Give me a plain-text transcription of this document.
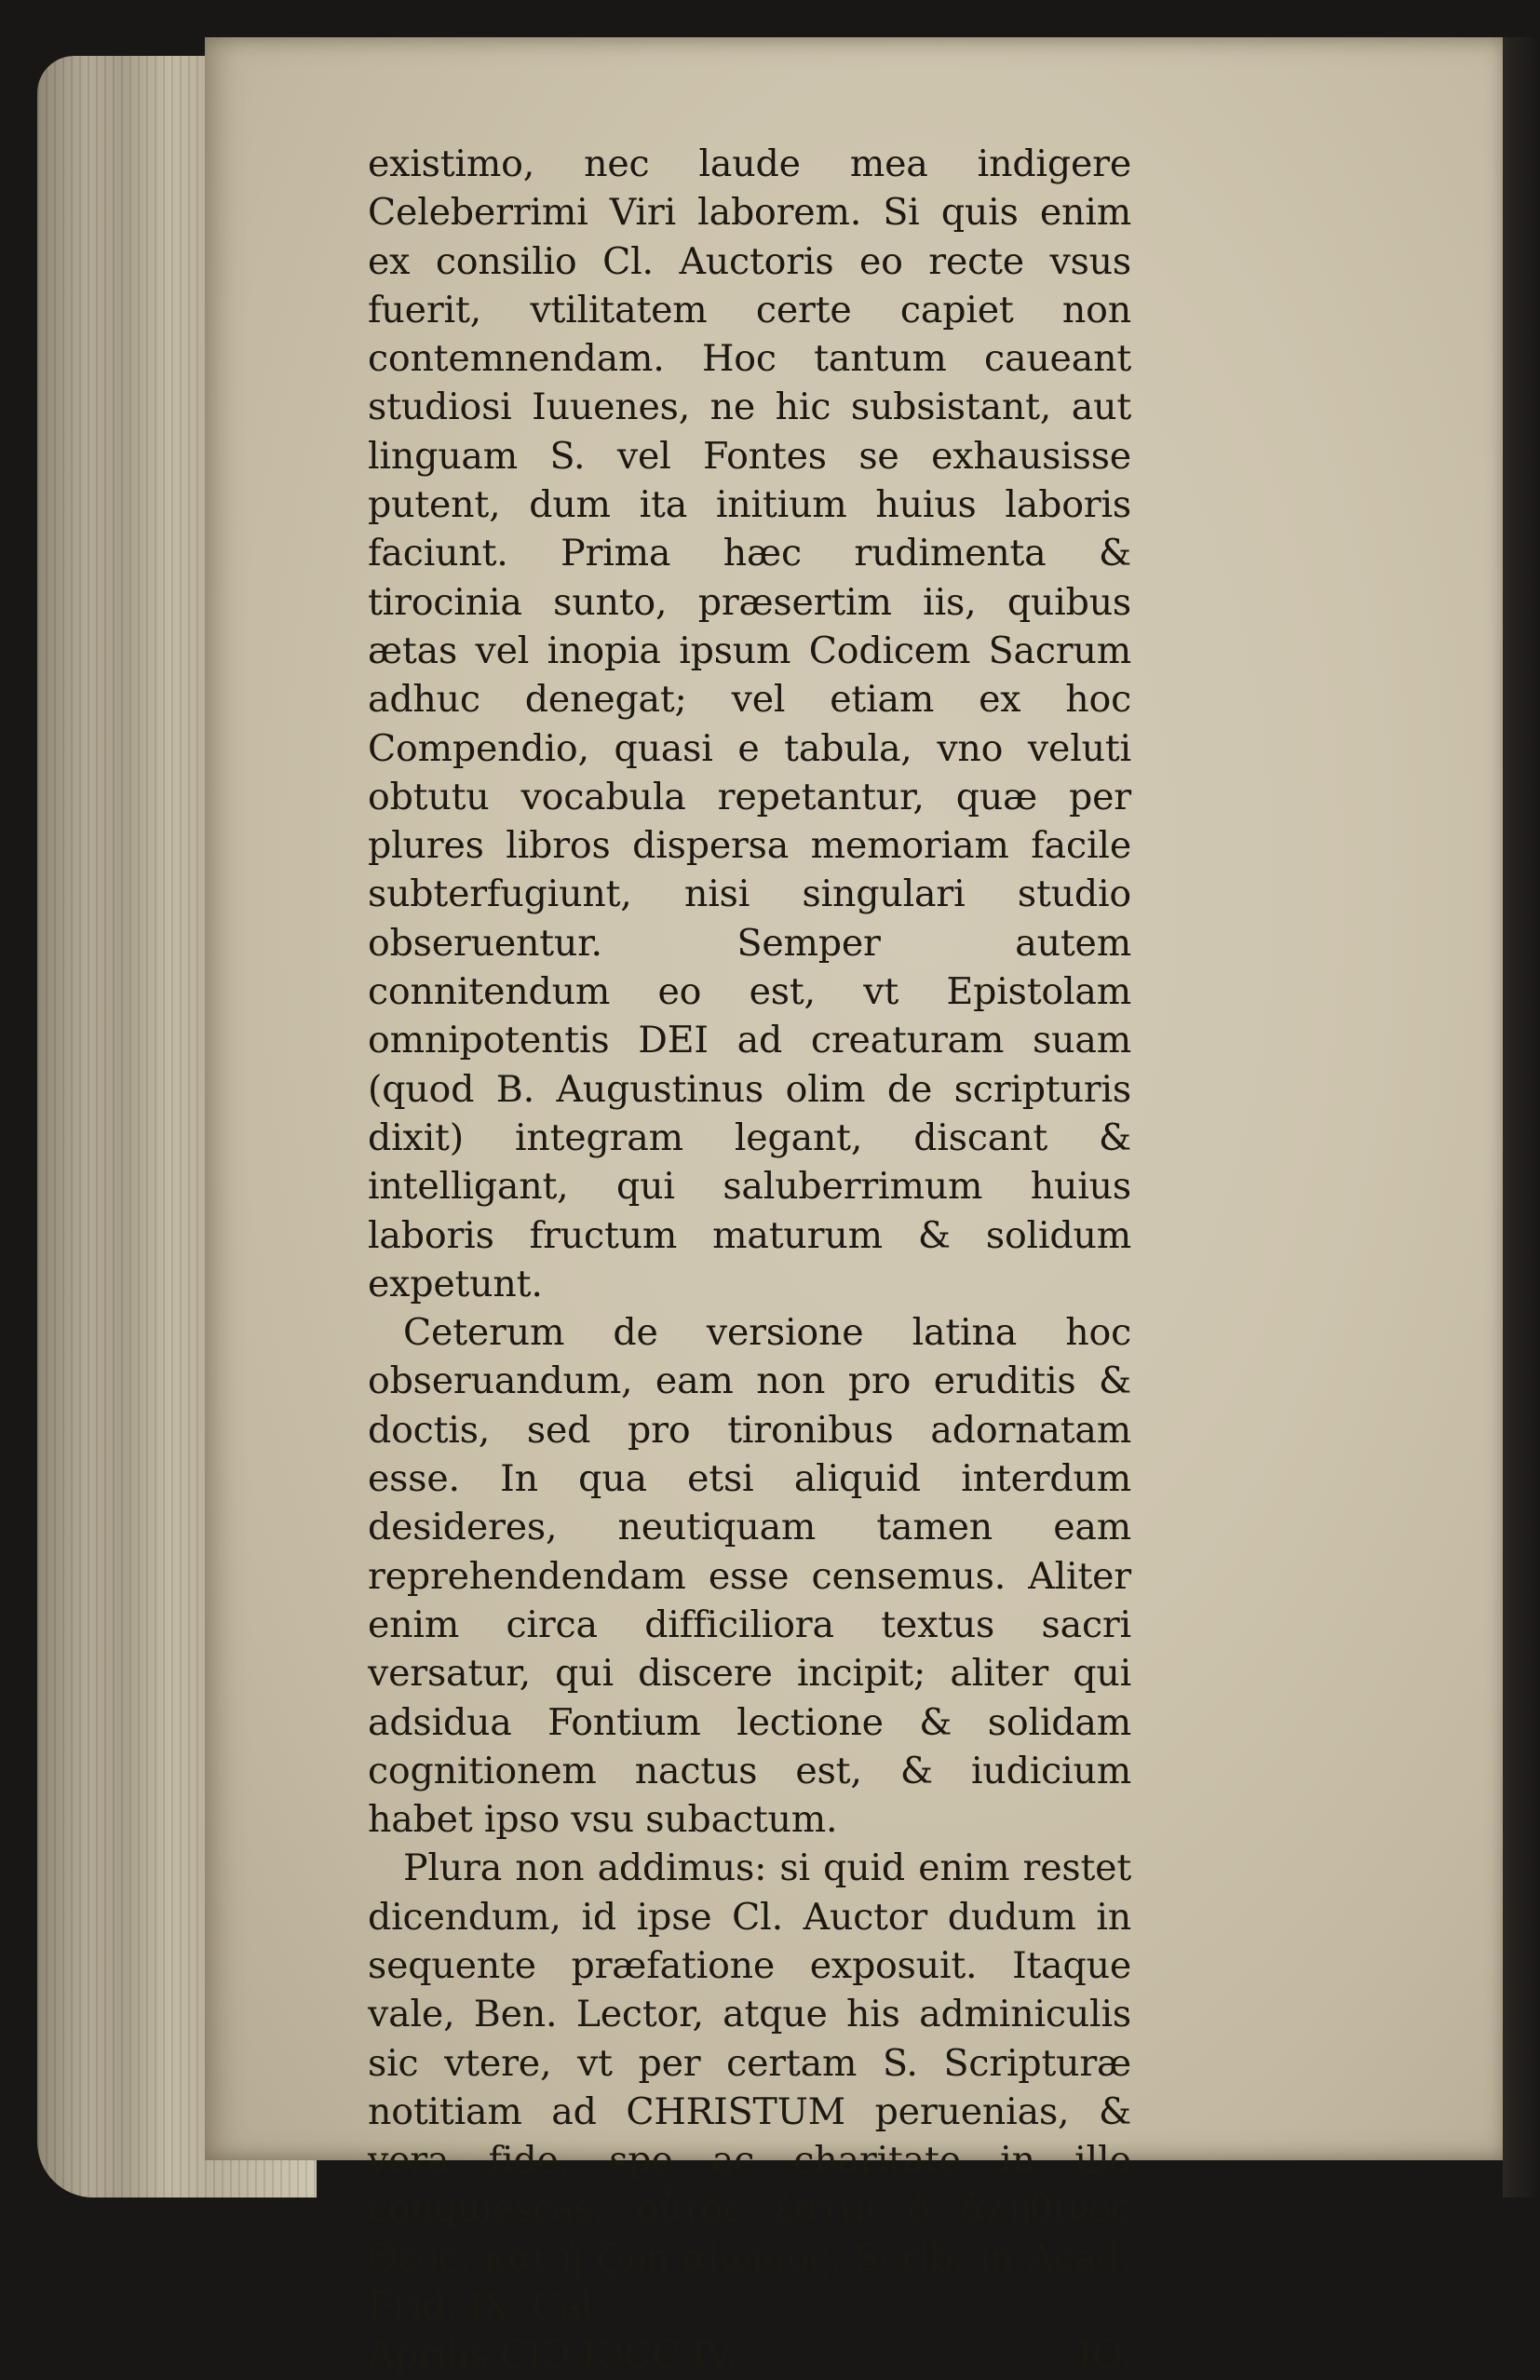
existimo, nec laude mea indigere Celeberrimi Viri laborem. Si quis enim ex consilio Cl. Auctoris eo recte vsus fuerit, vtilitatem certe capiet non contemnendam. Hoc tantum caueant studiosi Iuuenes, ne hic subsistant, aut linguam S. vel Fontes se exhausisse putent, dum ita initium huius laboris faciunt. Prima hæc rudimenta & tirocinia sunto, præsertim iis, quibus ætas vel inopia ipsum Codicem Sacrum adhuc denegat; vel etiam ex hoc Compendio, quasi e tabula, vno veluti obtutu vocabula repetantur, quæ per plures libros dispersa memoriam facile subterfugiunt, nisi singulari studio obseruentur. Semper autem connitendum eo est, vt Epistolam omnipotentis DEI ad creaturam suam (quod B. Augustinus olim de scripturis dixit) integram legant, discant & intelligant, qui saluberrimum huius laboris fructum maturum & solidum expetunt.

Ceterum de versione latina hoc obseruandum, eam non pro eruditis & doctis, sed pro tironibus adornatam esse. In qua etsi aliquid interdum desideres, neutiquam tamen eam reprehendendam esse censemus. Aliter enim circa difficiliora textus sacri versatur, qui discere incipit; aliter qui adsidua Fontium lectione & solidam cognitionem nactus est, & iudicium habet ipso vsu subactum.

Plura non addimus: si quid enim restet dicendum, id ipse Cl. Auctor dudum in sequente præfatione exposuit. Itaque vale, Ben. Lector, atque his adminiculis sic vtere, vt per certam S. Scripturæ notitiam ad CHRISTUM peruenias, & vera fide, spe ac charitate in illo conquiescas. οὗτός ἐστιν ὁ ἀληθινὸς Θεὸς, καὶ ἡ ζωὴ αἰώνιος. Scrib. in Acad. Frid. IX. Cal.

Aprilis CIↃ IↃCC IV.	IO.
